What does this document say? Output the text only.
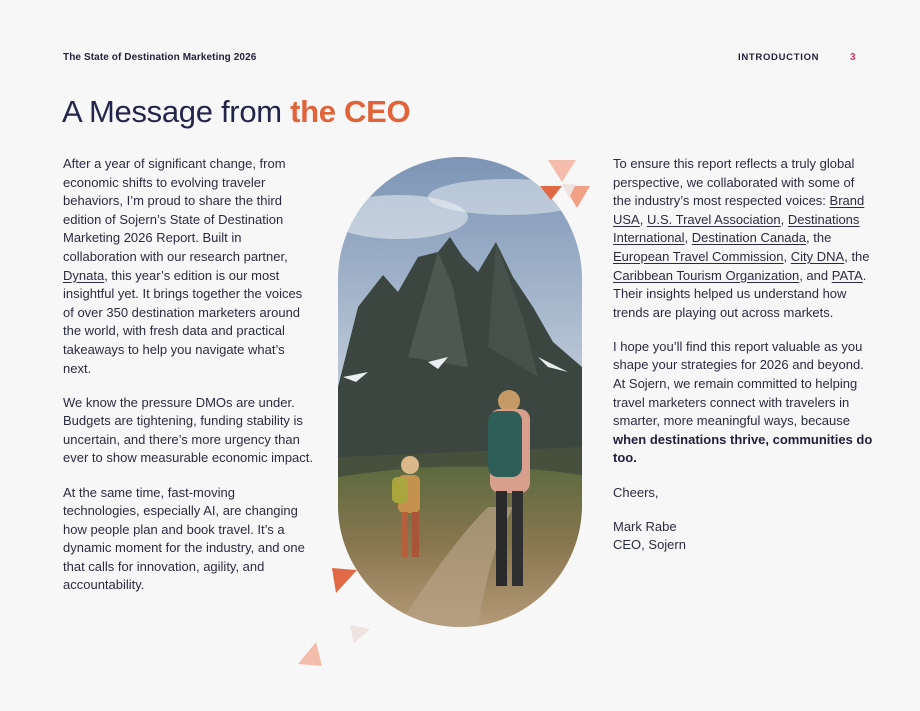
The State of Destination Marketing 2026	INTRODUCTION	3
A Message from the CEO

After a year of significant change, from economic shifts to evolving traveler behaviors, I’m proud to share the third edition of Sojern’s State of Destination Marketing 2026 Report. Built in collaboration with our research partner, Dynata, this year’s edition is our most insightful yet. It brings together the voices of over 350 destination marketers around the world, with fresh data and practical takeaways to help you navigate what’s next.

We know the pressure DMOs are under. Budgets are tightening, funding stability is uncertain, and there’s more urgency than ever to show measurable economic impact.

At the same time, fast-moving technologies, especially AI, are changing how people plan and book travel. It’s a dynamic moment for the industry, and one that calls for innovation, agility, and accountability.

To ensure this report reflects a truly global perspective, we collaborated with some of the industry’s most respected voices: Brand USA, U.S. Travel Association, Destinations International, Destination Canada, the European Travel Commission, City DNA, the Caribbean Tourism Organization, and PATA. Their insights helped us understand how trends are playing out across markets.

I hope you’ll find this report valuable as you shape your strategies for 2026 and beyond. At Sojern, we remain committed to helping travel marketers connect with travelers in smarter, more meaningful ways, because when destinations thrive, communities do too.

Cheers,

Mark Rabe
CEO, Sojern
